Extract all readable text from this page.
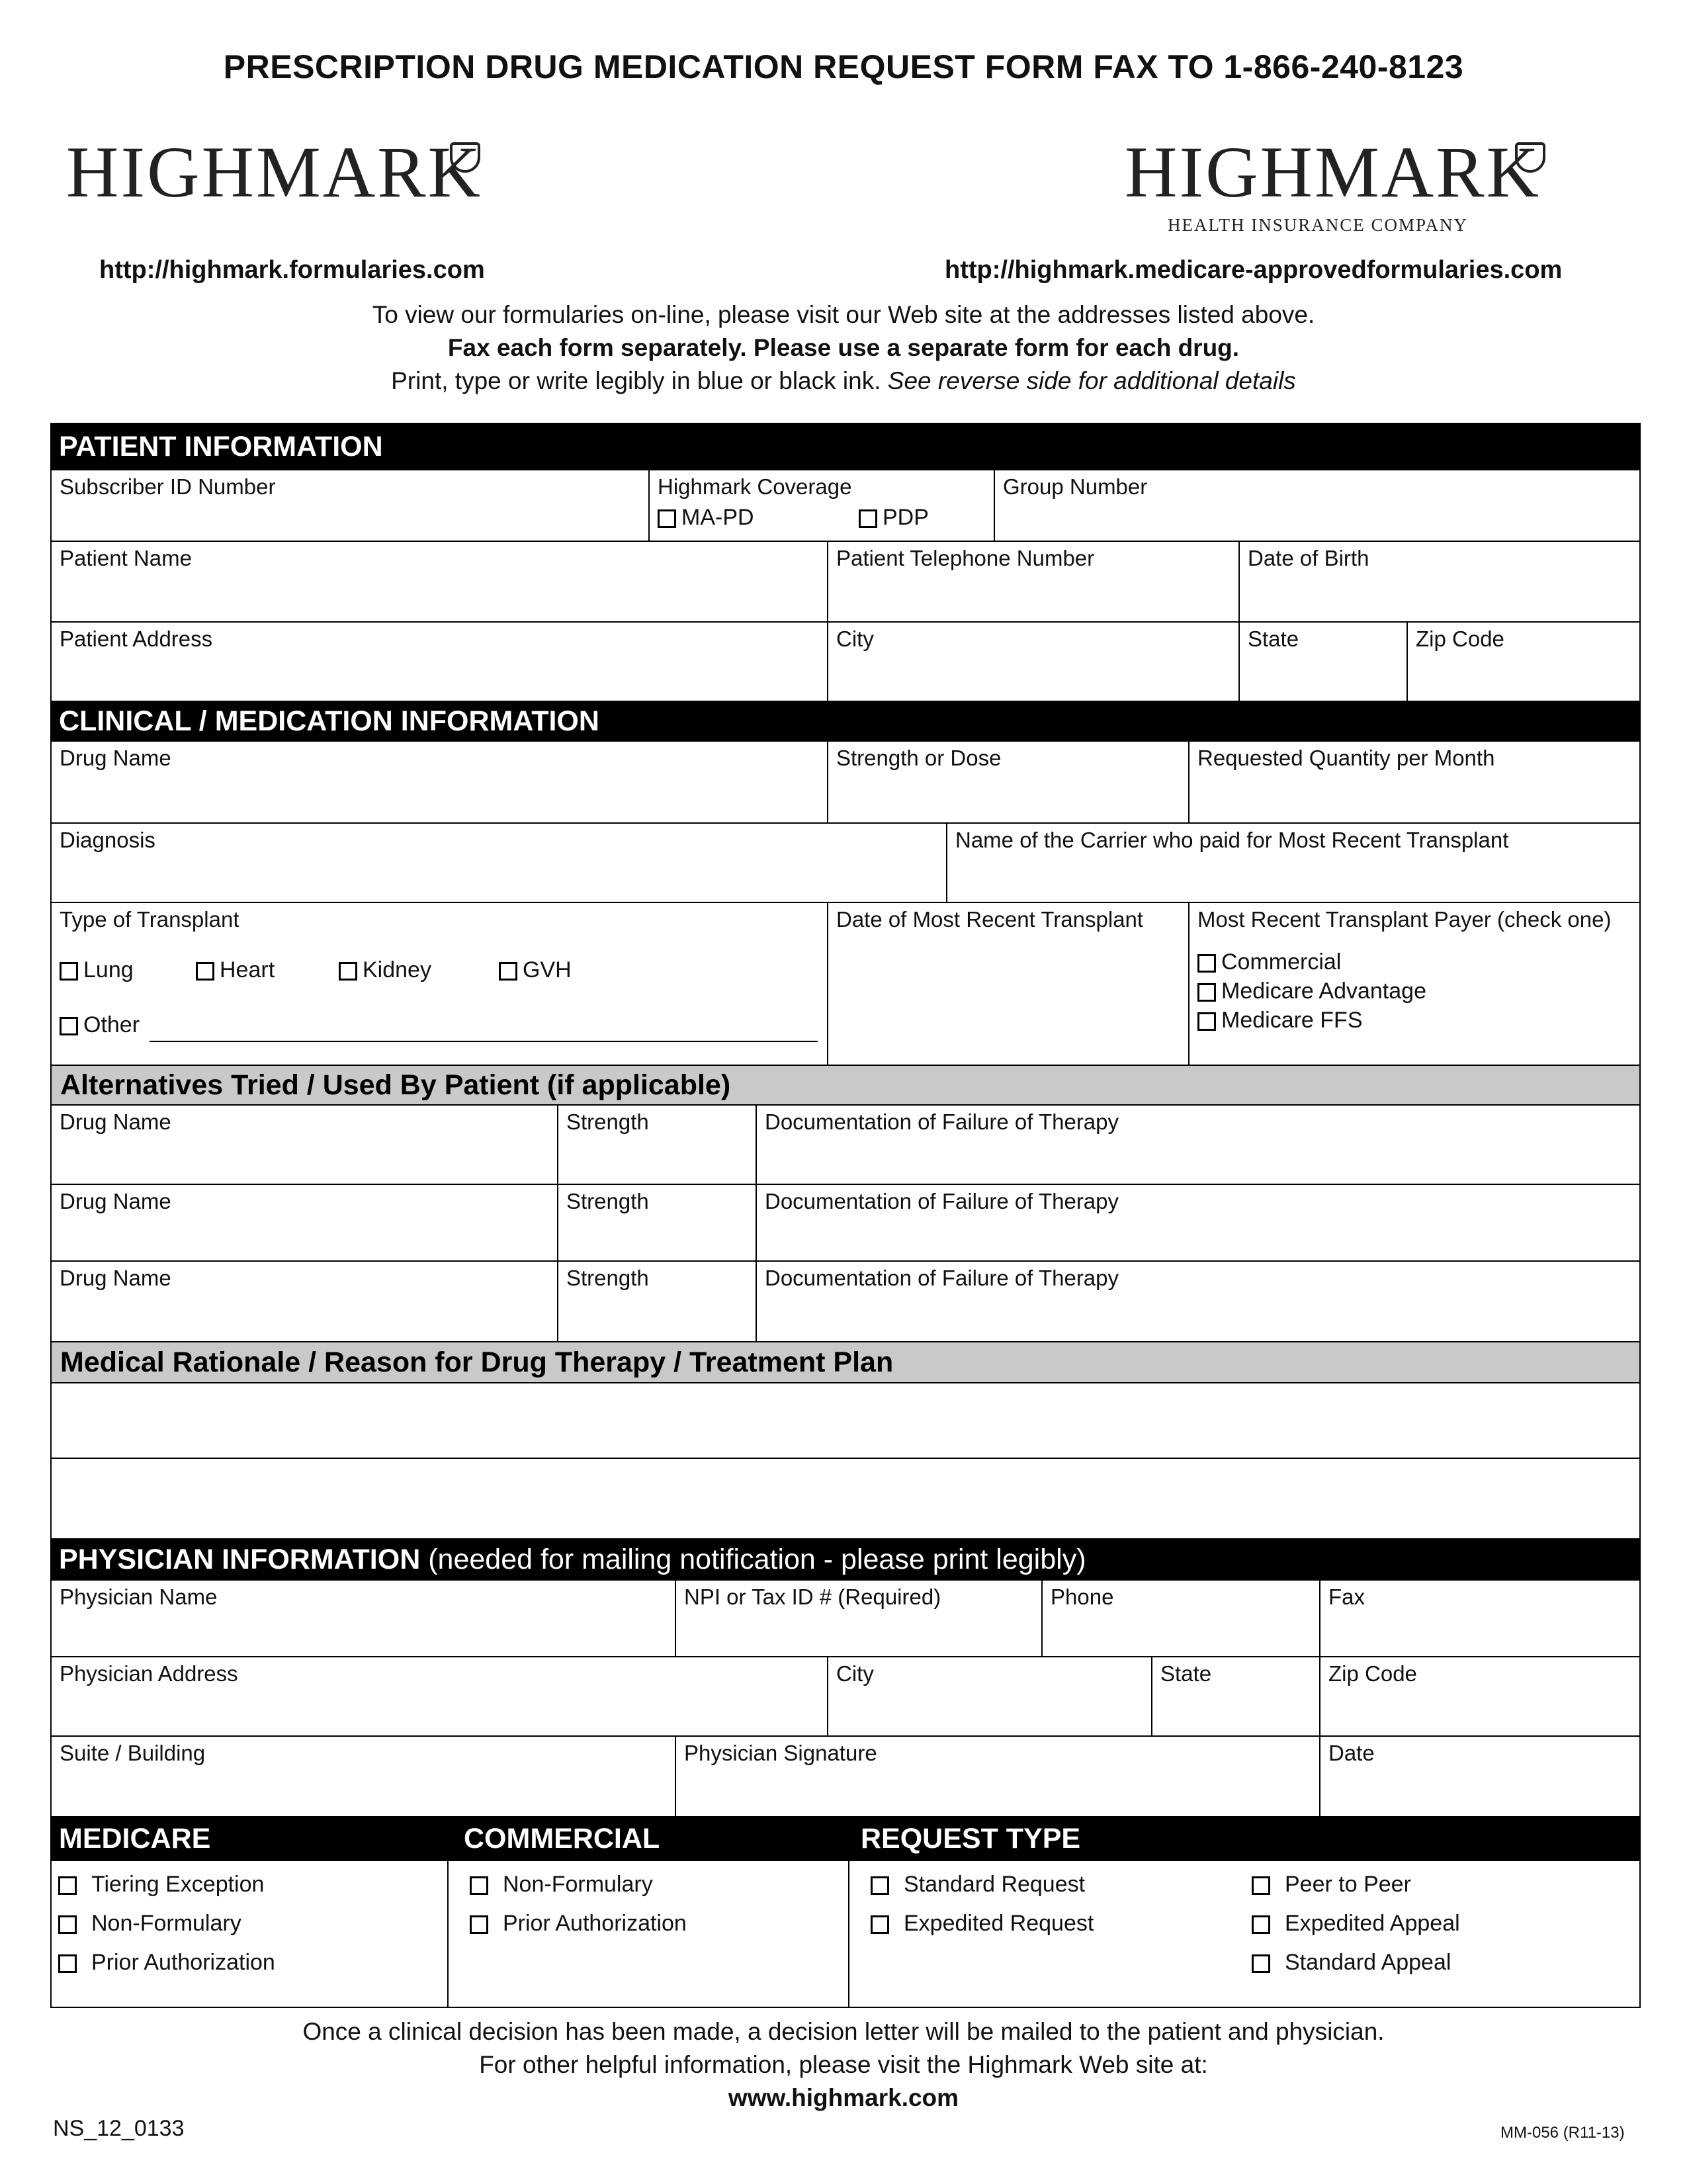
PRESCRIPTION DRUG MEDICATION REQUEST FORM FAX TO 1-866-240-8123
HIGHMARK	HIGHMARK
HEALTH INSURANCE COMPANY
http://highmark.formularies.com	http://highmark.medicare-approvedformularies.com
To view our formularies on-line, please visit our Web site at the addresses listed above.
Fax each form separately. Please use a separate form for each drug.
Print, type or write legibly in blue or black ink. See reverse side for additional details
PATIENT INFORMATION
Subscriber ID Number	Highmark Coverage
MA-PD	PDP
Group Number
Patient Name	Patient Telephone Number	Date of Birth
Patient Address	City	State	Zip Code
CLINICAL / MEDICATION INFORMATION
Drug Name	Strength or Dose	Requested Quantity per Month
Diagnosis	Name of the Carrier who paid for Most Recent Transplant
Type of Transplant
Lung	Heart	Kidney	GVH
Other
Date of Most Recent Transplant	Most Recent Transplant Payer (check one)
Commercial
Medicare Advantage
Medicare FFS
Alternatives Tried / Used By Patient (if applicable)
Drug Name	Strength	Documentation of Failure of Therapy
Drug Name	Strength	Documentation of Failure of Therapy
Drug Name	Strength	Documentation of Failure of Therapy
Medical Rationale / Reason for Drug Therapy / Treatment Plan
PHYSICIAN INFORMATION (needed for mailing notification - please print legibly)
Physician Name	NPI or Tax ID # (Required)	Phone	Fax
Physician Address	City	State	Zip Code
Suite / Building	Physician Signature	Date
MEDICARE	COMMERCIAL	REQUEST TYPE
Tiering Exception
Non-Formulary
Prior Authorization
Non-Formulary
Prior Authorization
Standard Request
Expedited Request
Peer to Peer
Expedited Appeal
Standard Appeal
Once a clinical decision has been made, a decision letter will be mailed to the patient and physician.
For other helpful information, please visit the Highmark Web site at:
www.highmark.com
NS_12_0133	MM-056 (R11-13)
